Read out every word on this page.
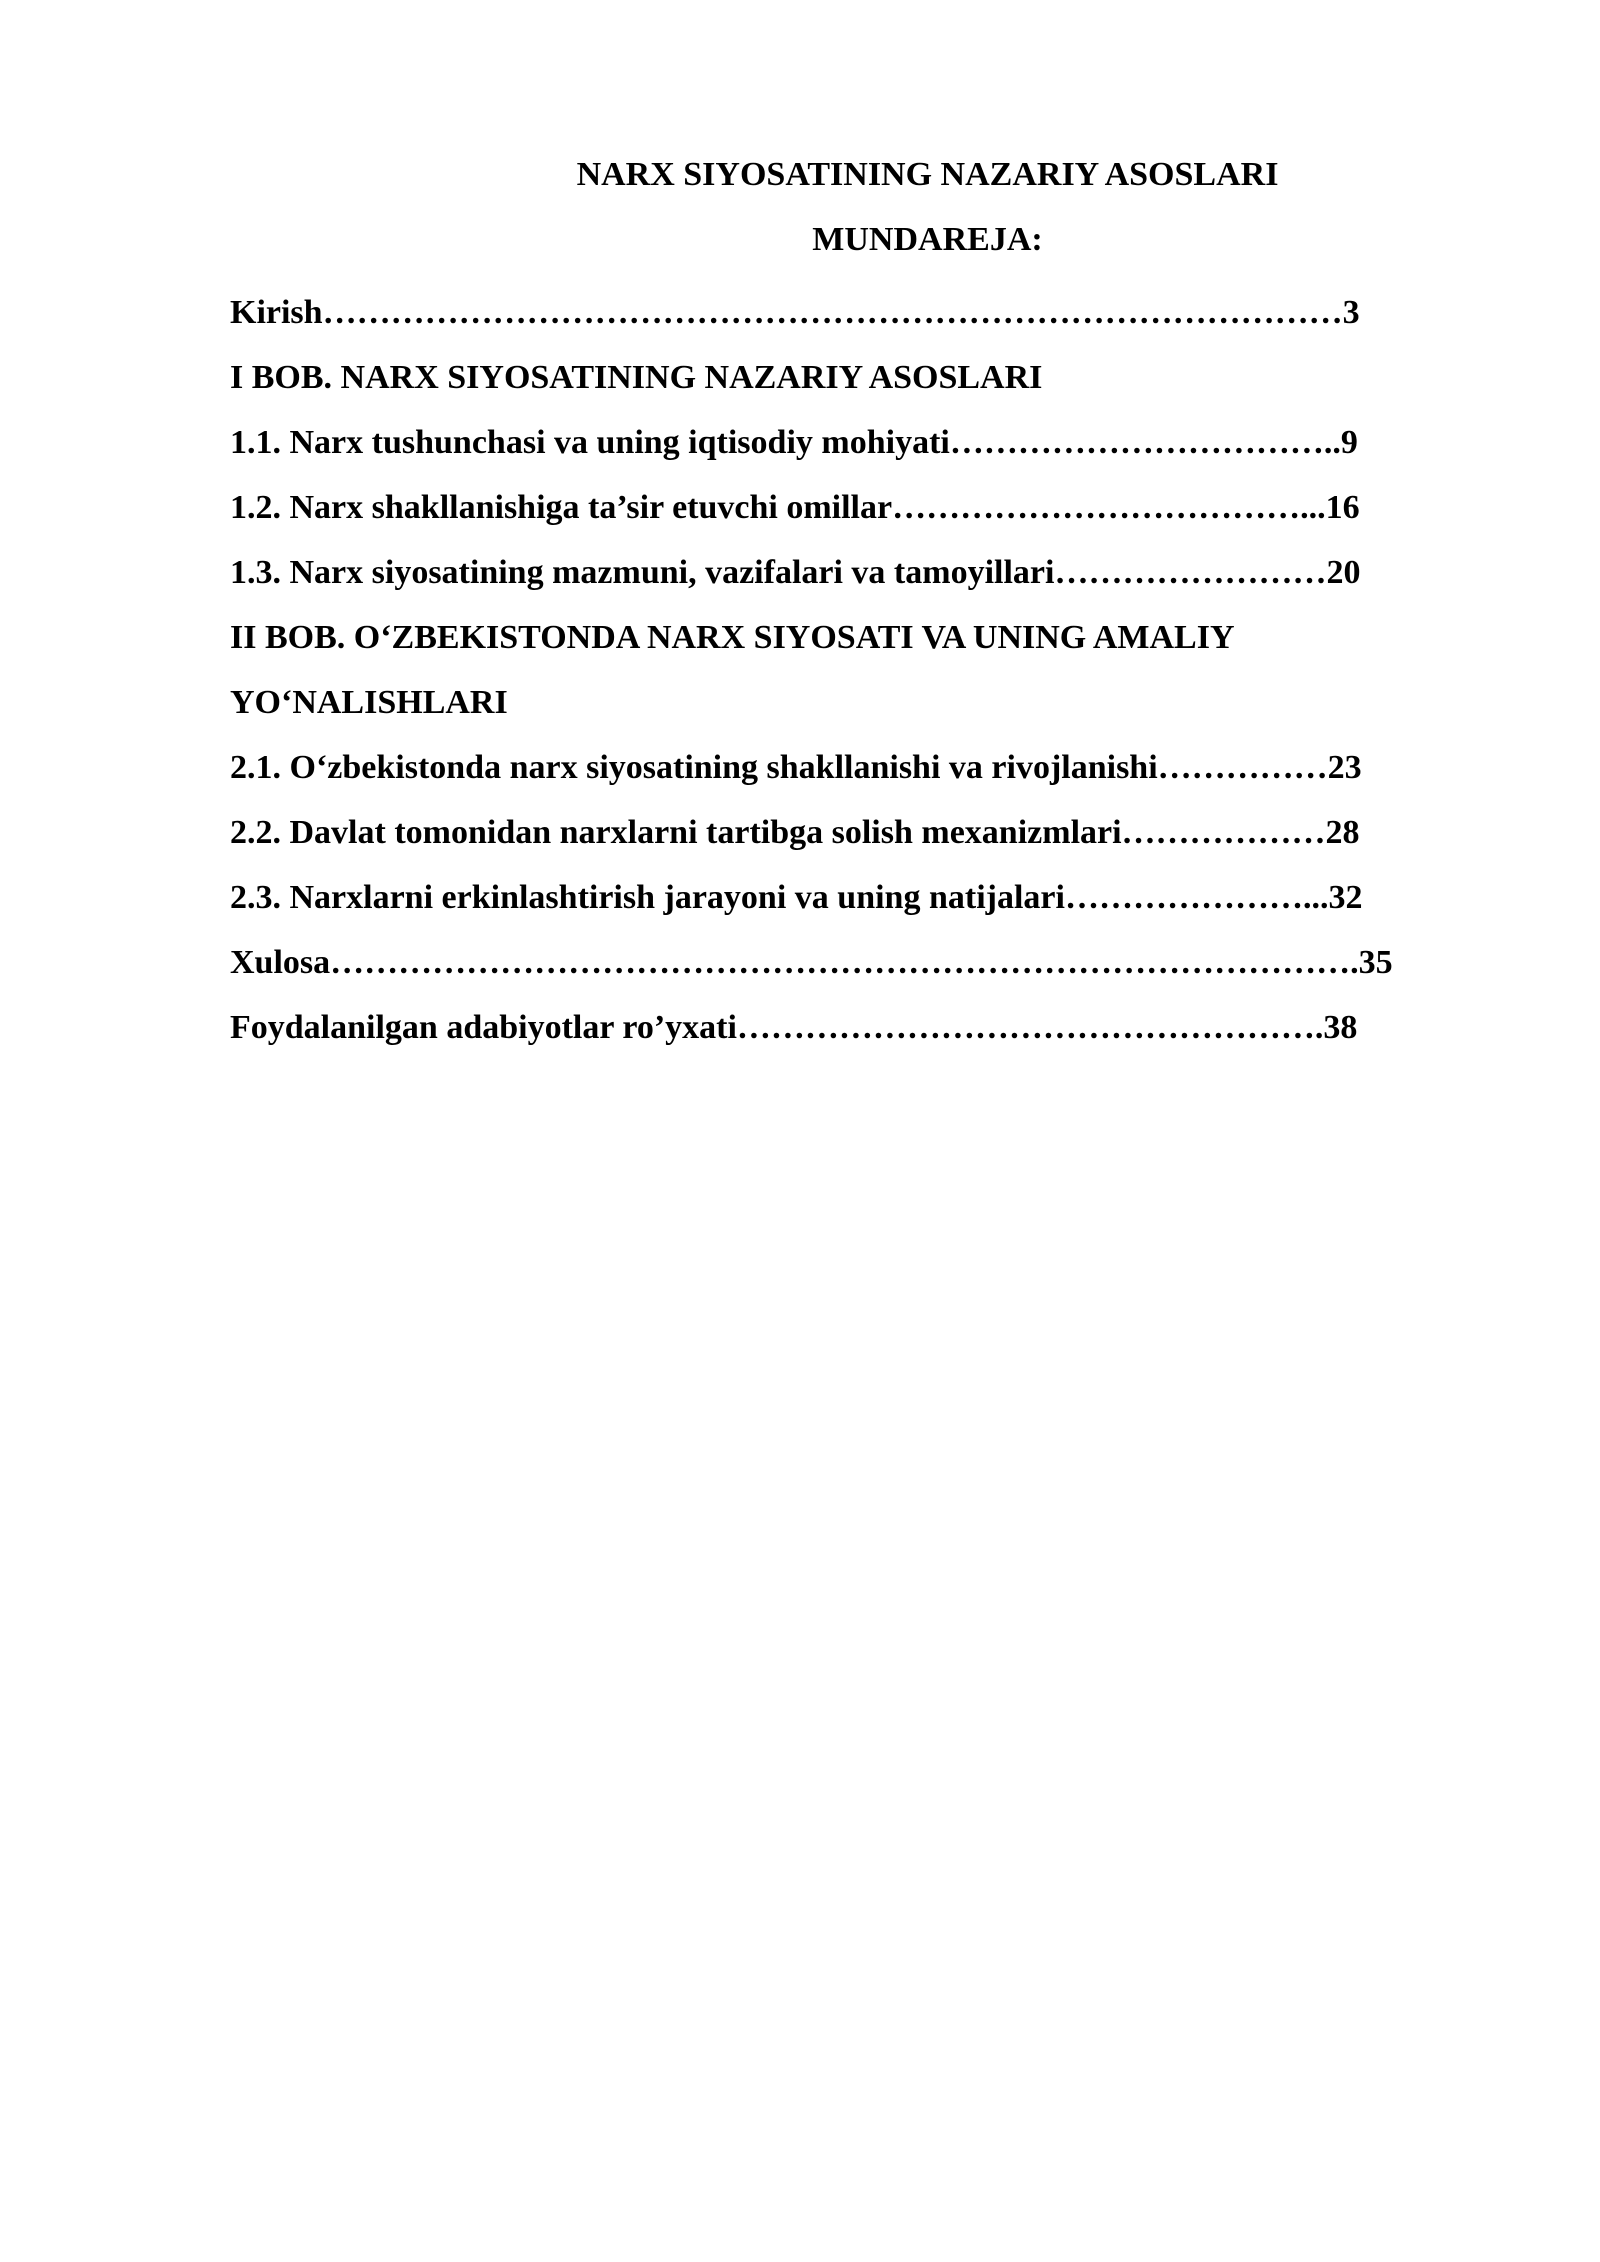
NARX SIYOSATINING NAZARIY ASOSLARI
MUNDAREJA:
Kirish………………………………………………………………………………3
I BOB. NARX SIYOSATINING NAZARIY ASOSLARI
1.1. Narx tushunchasi va uning iqtisodiy mohiyati……………………………..9
1.2. Narx shakllanishiga ta’sir etuvchi omillar………………………………...16
1.3. Narx siyosatining mazmuni, vazifalari va tamoyillari……………………20
II BOB. O‘ZBEKISTONDA NARX SIYOSATI VA UNING AMALIY YO‘NALISHLARI
2.1. O‘zbekistonda narx siyosatining shakllanishi va rivojlanishi……………23
2.2. Davlat tomonidan narxlarni tartibga solish mexanizmlari………………28
2.3. Narxlarni erkinlashtirish jarayoni va uning natijalari…………………...32
Xulosa……………………………………………………………………………….35
Foydalanilgan adabiyotlar ro’yxati…………………………………………….38
